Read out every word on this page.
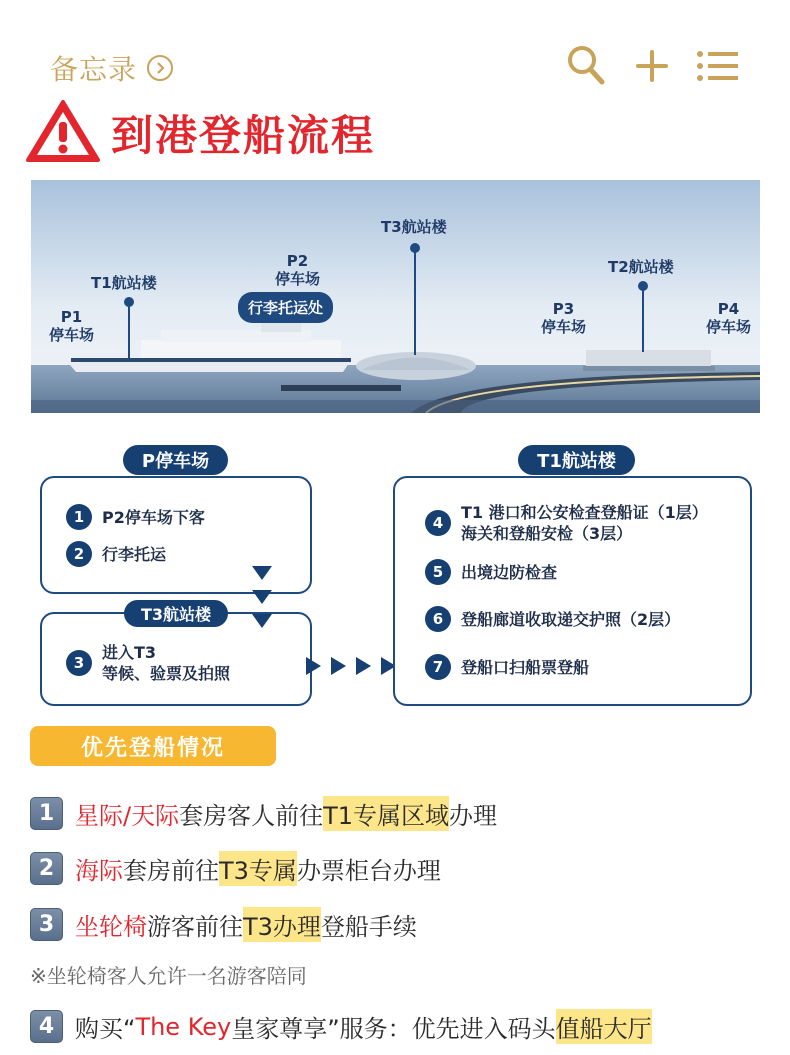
备忘录
到港登船流程
P1
停车场
T1航站楼
P2
停车场
行李托运处
T3航站楼
P3
停车场
T2航站楼
P4
停车场
P停车场
1	P2停车场下客
2	行李托运
T3航站楼
3
进入T3
等候、验票及拍照
T1航站楼
4
T1 港口和公安检查登船证（1层）
海关和登船安检（3层）
5	出境边防检查
6	登船廊道收取递交护照（2层）
7	登船口扫船票登船
优先登船情况
1 星际/天际 套房客人前往 T1专属区域 办理
2 海际 套房前往 T3专属 办票柜台办理
3 坐轮椅 游客前往 T3办理 登船手续
※坐轮椅客人允许一名游客陪同
4 购买“ The Key 皇家尊享”服务：优先进入码头 值船大厅
